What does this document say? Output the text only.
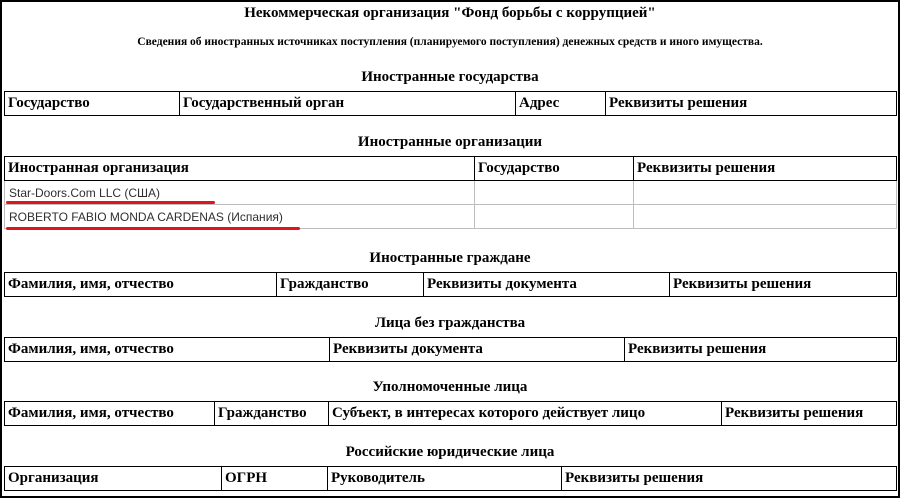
Некоммерческая организация "Фонд борьбы с коррупцией"
Сведения об иностранных источниках поступления (планируемого поступления) денежных средств и иного имущества.
Иностранные государства
Государство	Государственный орган	Адрес	Реквизиты решения
Иностранные организации
Иностранная организация	Государство	Реквизиты решения

Star-Doors.Com LLC (США)		

ROBERTO FABIO MONDA CARDENAS (Испания)		

Иностранные граждане
Фамилия, имя, отчество	Гражданство	Реквизиты документа	Реквизиты решения
Лица без гражданства
Фамилия, имя, отчество	Реквизиты документа	Реквизиты решения
Уполномоченные лица
Фамилия, имя, отчество	Гражданство	Субъект, в интересах которого действует лицо	Реквизиты решения
Российские юридические лица
Организация	ОГРН	Руководитель	Реквизиты решения
